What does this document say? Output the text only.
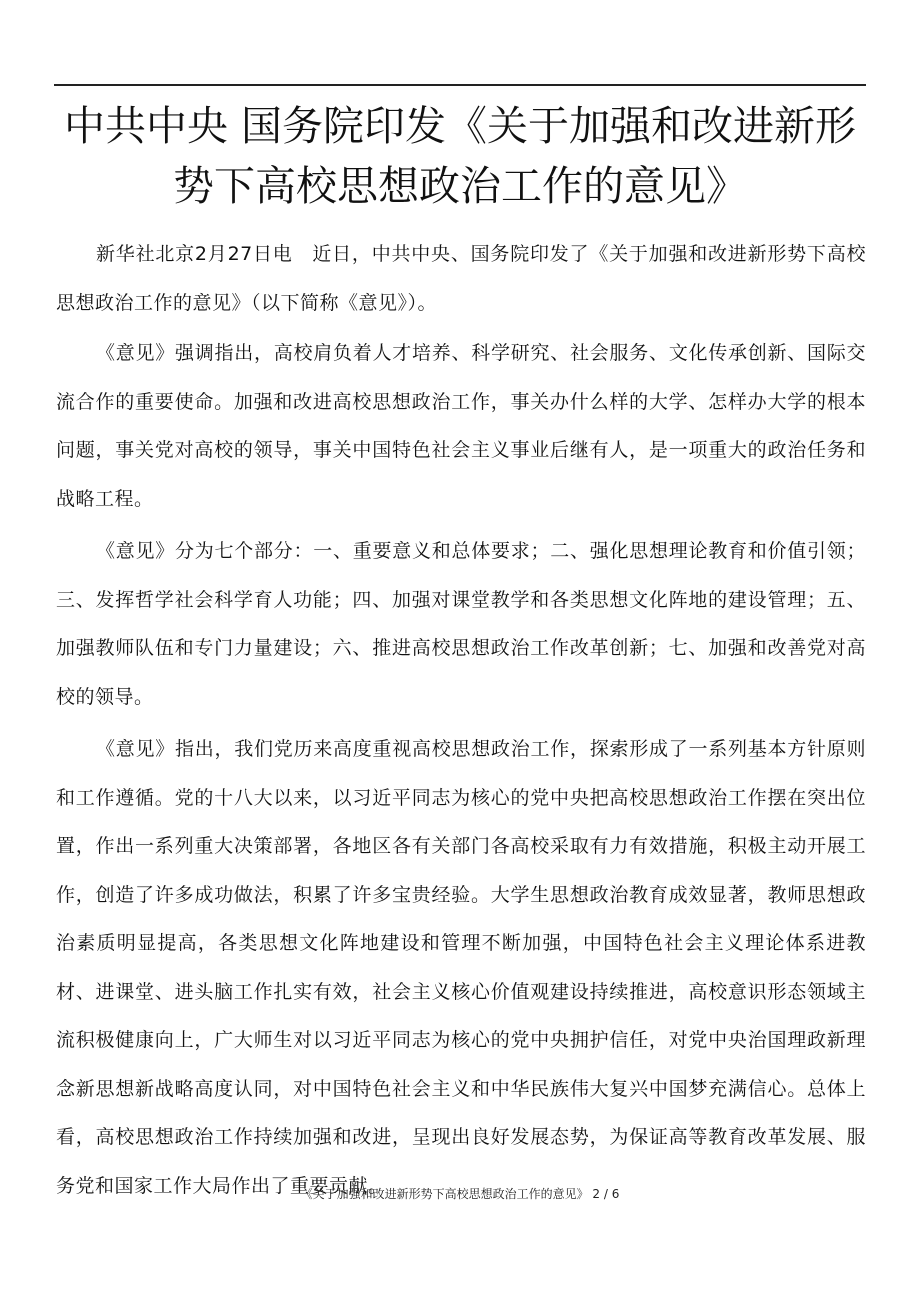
中共中央 国务院印发《关于加强和改进新形
势下高校思想政治工作的意见》

新华社北京2月27日电　近日，中共中央、国务院印发了《关于加强和改进新形势下高校思想政治工作的意见》（以下简称《意见》）。

《意见》强调指出，高校肩负着人才培养、科学研究、社会服务、文化传承创新、国际交流合作的重要使命。加强和改进高校思想政治工作，事关办什么样的大学、怎样办大学的根本问题，事关党对高校的领导，事关中国特色社会主义事业后继有人，是一项重大的政治任务和战略工程。

《意见》分为七个部分：一、重要意义和总体要求；二、强化思想理论教育和价值引领；三、发挥哲学社会科学育人功能；四、加强对课堂教学和各类思想文化阵地的建设管理；五、加强教师队伍和专门力量建设；六、推进高校思想政治工作改革创新；七、加强和改善党对高校的领导。

《意见》指出，我们党历来高度重视高校思想政治工作，探索形成了一系列基本方针原则和工作遵循。党的十八大以来，以习近平同志为核心的党中央把高校思想政治工作摆在突出位置，作出一系列重大决策部署，各地区各有关部门各高校采取有力有效措施，积极主动开展工作，创造了许多成功做法，积累了许多宝贵经验。大学生思想政治教育成效显著，教师思想政治素质明显提高，各类思想文化阵地建设和管理不断加强，中国特色社会主义理论体系进教材、进课堂、进头脑工作扎实有效，社会主义核心价值观建设持续推进，高校意识形态领域主流积极健康向上，广大师生对以习近平同志为核心的党中央拥护信任，对党中央治国理政新理念新思想新战略高度认同，对中国特色社会主义和中华民族伟大复兴中国梦充满信心。总体上看，高校思想政治工作持续加强和改进，呈现出良好发展态势，为保证高等教育改革发展、服务党和国家工作大局作出了重要贡献。

《关于加强和改进新形势下高校思想政治工作的意见》 2 / 6
